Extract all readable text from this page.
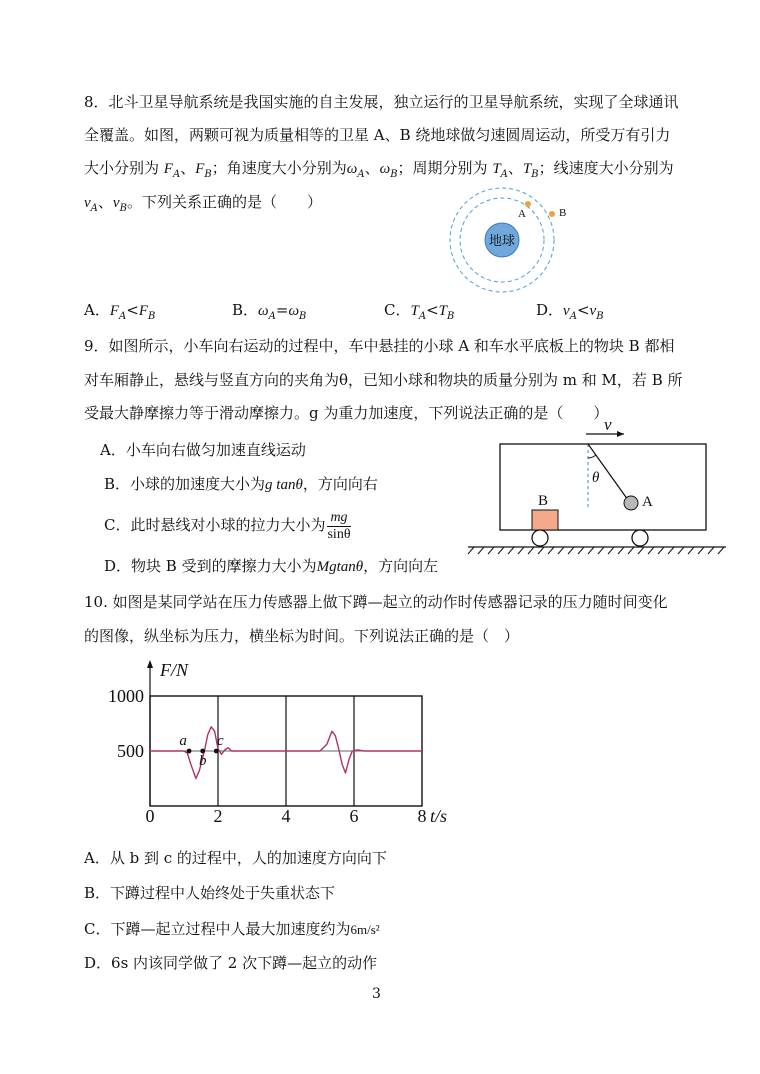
8．北斗卫星导航系统是我国实施的自主发展，独立运行的卫星导航系统，实现了全球通讯
全覆盖。如图，两颗可视为质量相等的卫星 A、B 绕地球做匀速圆周运动，所受万有引力
大小分别为 $F_A$、$F_B$；角速度大小分别为$\omega_A$、$\omega_B$；周期分别为 $T_A$、$T_B$；线速度大小分别为
$v_A$、$v_B$。下列关系正确的是（　　）
地球
A	B
A．$F_A<F_B$	B．$\omega_A=\omega_B$	C．$T_A<T_B$	D．$v_A<v_B$
9．如图所示，小车向右运动的过程中，车中悬挂的小球 A 和车水平底板上的物块 B 都相
对车厢静止，悬线与竖直方向的夹角为θ，已知小球和物块的质量分别为 m 和 M，若 B 所
受最大静摩擦力等于滑动摩擦力。g 为重力加速度，下列说法正确的是（　　）
A．小车向右做匀加速直线运动
B．小球的加速度大小为g tanθ，方向向右
C．此时悬线对小球的拉力大小为 $\frac{mg}{\sin\theta}$
D．物块 B 受到的摩擦力大小为Mgtanθ，方向向左
v
θ
A
B
10. 如图是某同学站在压力传感器上做下蹲—起立的动作时传感器记录的压力随时间变化
的图像，纵坐标为压力，横坐标为时间。下列说法正确的是（　）
0	2	4	6	8
500
1000
F/N
t/s
a
b
c
A．从 b 到 c 的过程中，人的加速度方向向下
B．下蹲过程中人始终处于失重状态下
C．下蹲—起立过程中人最大加速度约为6m/s²
D．6s 内该同学做了 2 次下蹲—起立的动作
3
